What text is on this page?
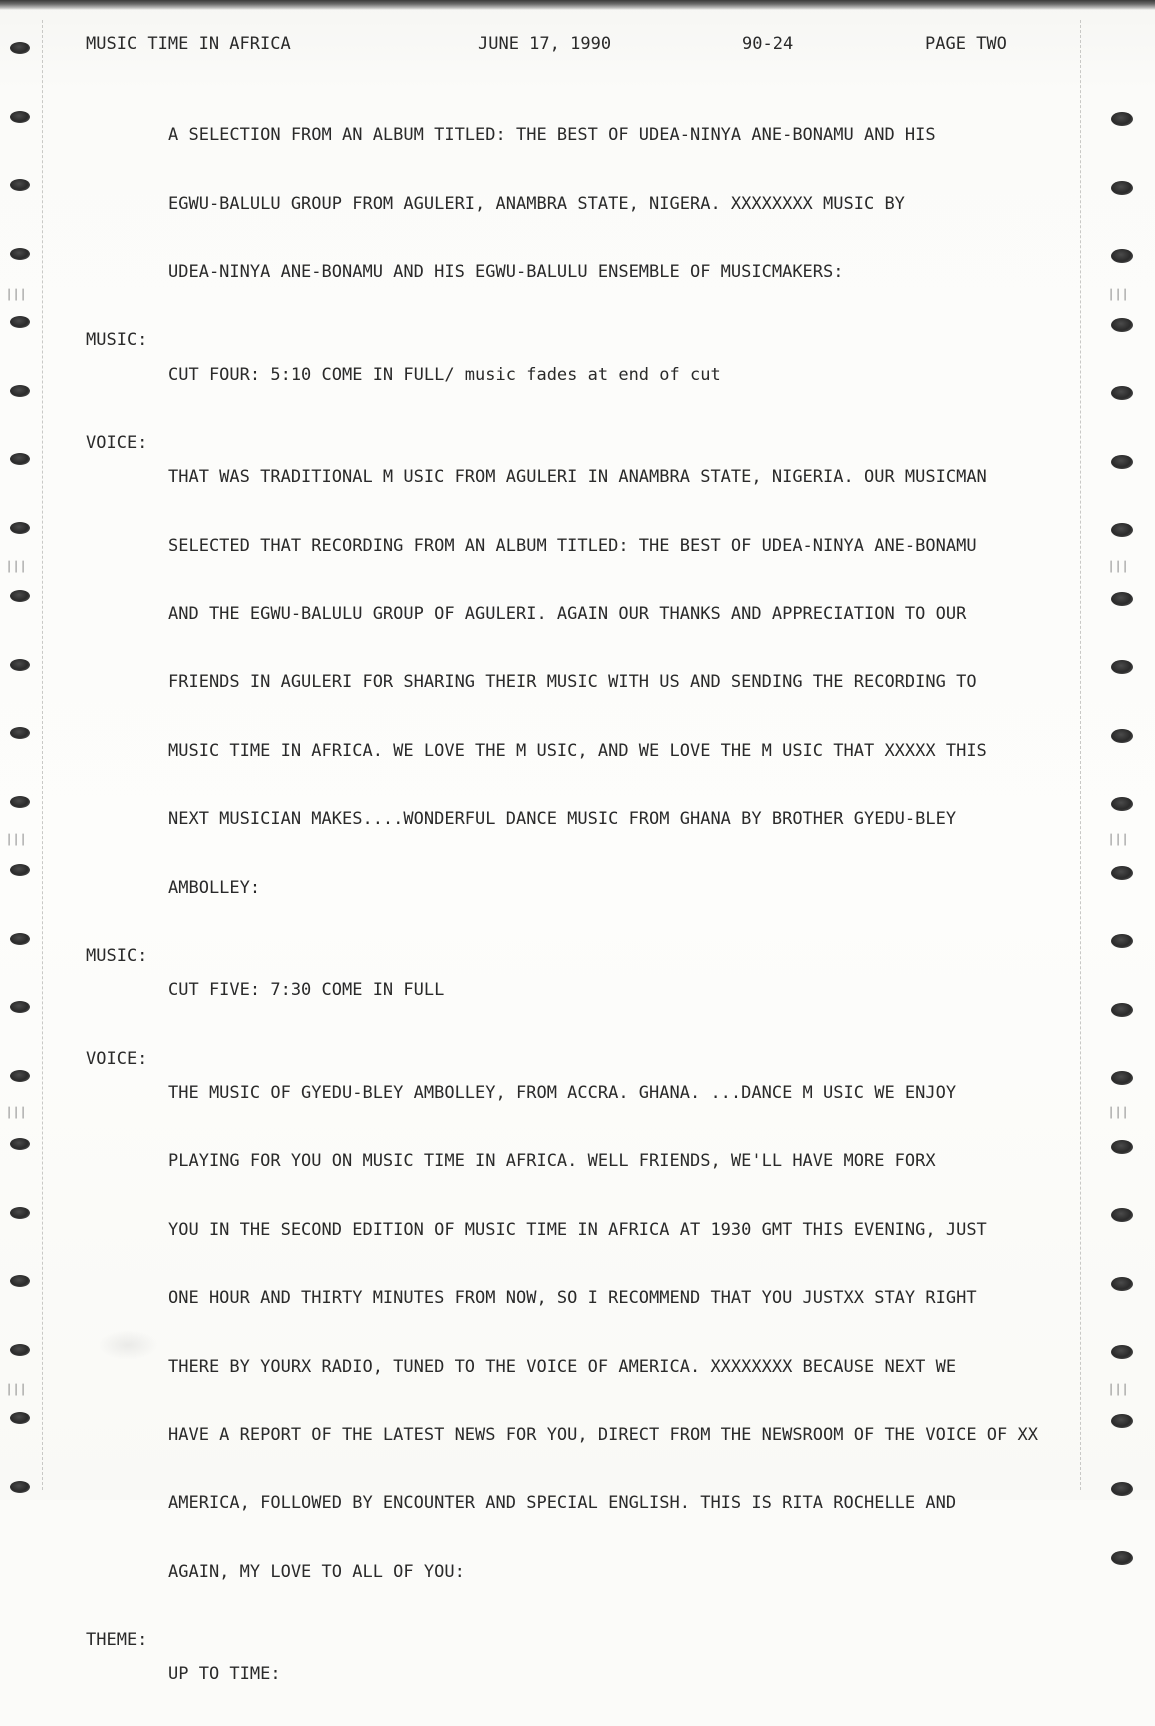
│││	│││
│││	│││
│││	│││
│││	│││
│││	│││
MUSIC TIME IN AFRICA	JUNE 17, 1990	90-24	PAGE TWO

A SELECTION FROM AN ALBUM TITLED: THE BEST OF UDEA-NINYA ANE-BONAMU AND HIS

EGWU-BALULU GROUP FROM AGULERI, ANAMBRA STATE, NIGERA. XXXXXXXX MUSIC BY

UDEA-NINYA ANE-BONAMU AND HIS EGWU-BALULU ENSEMBLE OF MUSICMAKERS:

MUSIC:

CUT FOUR: 5:10 COME IN FULL/ music fades at end of cut

VOICE:

THAT WAS TRADITIONAL M USIC FROM AGULERI IN ANAMBRA STATE, NIGERIA. OUR MUSICMAN

SELECTED THAT RECORDING FROM AN ALBUM TITLED: THE BEST OF UDEA-NINYA ANE-BONAMU

AND THE EGWU-BALULU GROUP OF AGULERI. AGAIN OUR THANKS AND APPRECIATION TO OUR

FRIENDS IN AGULERI FOR SHARING THEIR MUSIC WITH US AND SENDING THE RECORDING TO

MUSIC TIME IN AFRICA. WE LOVE THE M USIC, AND WE LOVE THE M USIC THAT XXXXX THIS

NEXT MUSICIAN MAKES....WONDERFUL DANCE MUSIC FROM GHANA BY BROTHER GYEDU-BLEY

AMBOLLEY:

MUSIC:

CUT FIVE: 7:30 COME IN FULL

VOICE:

THE MUSIC OF GYEDU-BLEY AMBOLLEY, FROM ACCRA. GHANA. ...DANCE M USIC WE ENJOY

PLAYING FOR YOU ON MUSIC TIME IN AFRICA. WELL FRIENDS, WE'LL HAVE MORE FORX

YOU IN THE SECOND EDITION OF MUSIC TIME IN AFRICA AT 1930 GMT THIS EVENING, JUST

ONE HOUR AND THIRTY MINUTES FROM NOW, SO I RECOMMEND THAT YOU JUSTXX STAY RIGHT

THERE BY YOURX RADIO, TUNED TO THE VOICE OF AMERICA. XXXXXXXX BECAUSE NEXT WE

HAVE A REPORT OF THE LATEST NEWS FOR YOU, DIRECT FROM THE NEWSROOM OF THE VOICE OF XX

AMERICA, FOLLOWED BY ENCOUNTER AND SPECIAL ENGLISH. THIS IS RITA ROCHELLE AND

AGAIN, MY LOVE TO ALL OF YOU:

THEME:

UP TO TIME:
